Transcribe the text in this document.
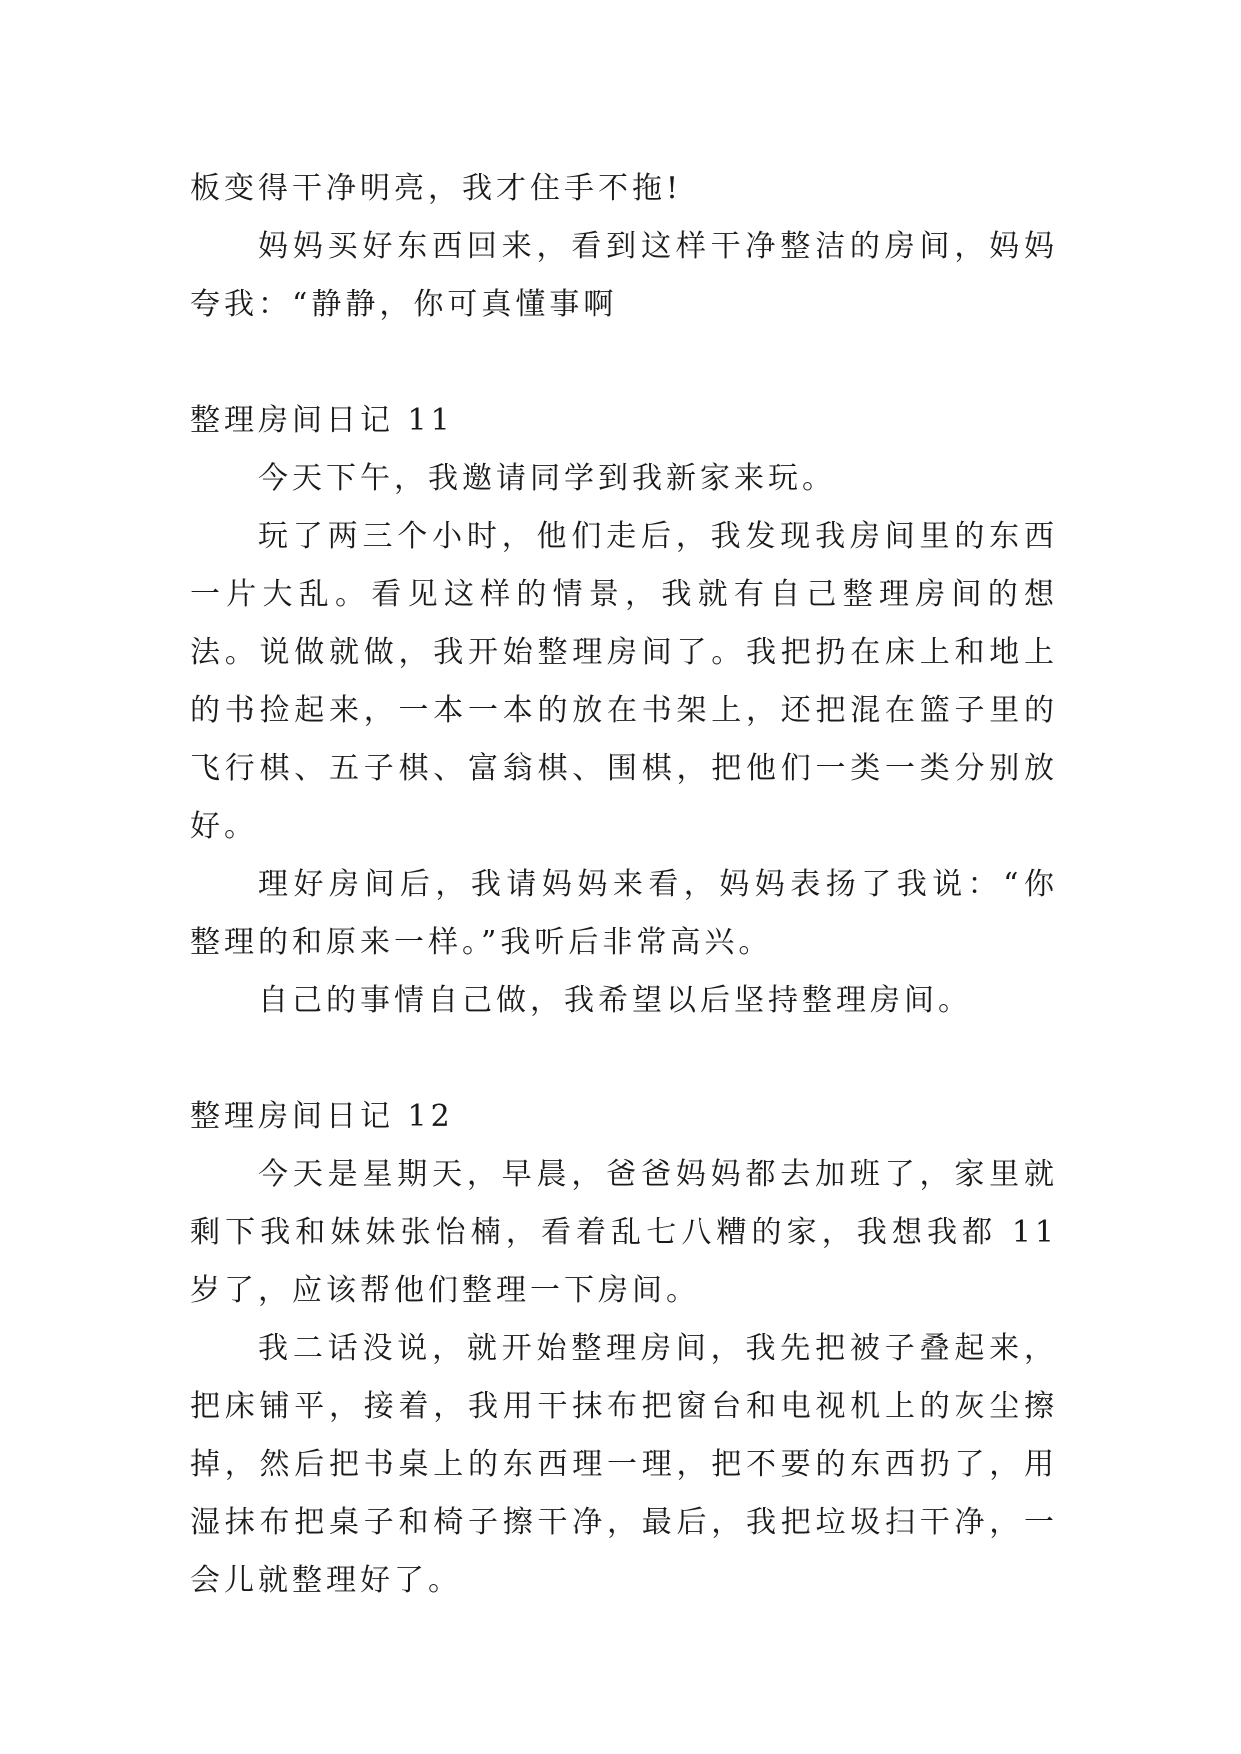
板变得干净明亮，我才住手不拖!

妈妈买好东西回来，看到这样干净整洁的房间，妈妈夸我：“静静，你可真懂事啊

整理房间日记 11

今天下午，我邀请同学到我新家来玩。

玩了两三个小时，他们走后，我发现我房间里的东西一片大乱。看见这样的情景，我就有自己整理房间的想法。说做就做，我开始整理房间了。我把扔在床上和地上的书捡起来，一本一本的放在书架上，还把混在篮子里的飞行棋、五子棋、富翁棋、围棋，把他们一类一类分别放好。

理好房间后，我请妈妈来看，妈妈表扬了我说：“你整理的和原来一样。”我听后非常高兴。

自己的事情自己做，我希望以后坚持整理房间。

整理房间日记 12

今天是星期天，早晨，爸爸妈妈都去加班了，家里就剩下我和妹妹张怡楠，看着乱七八糟的家，我想我都 11 岁了，应该帮他们整理一下房间。

我二话没说，就开始整理房间，我先把被子叠起来，把床铺平，接着，我用干抹布把窗台和电视机上的灰尘擦掉，然后把书桌上的东西理一理，把不要的东西扔了，用湿抹布把桌子和椅子擦干净，最后，我把垃圾扫干净，一会儿就整理好了。
